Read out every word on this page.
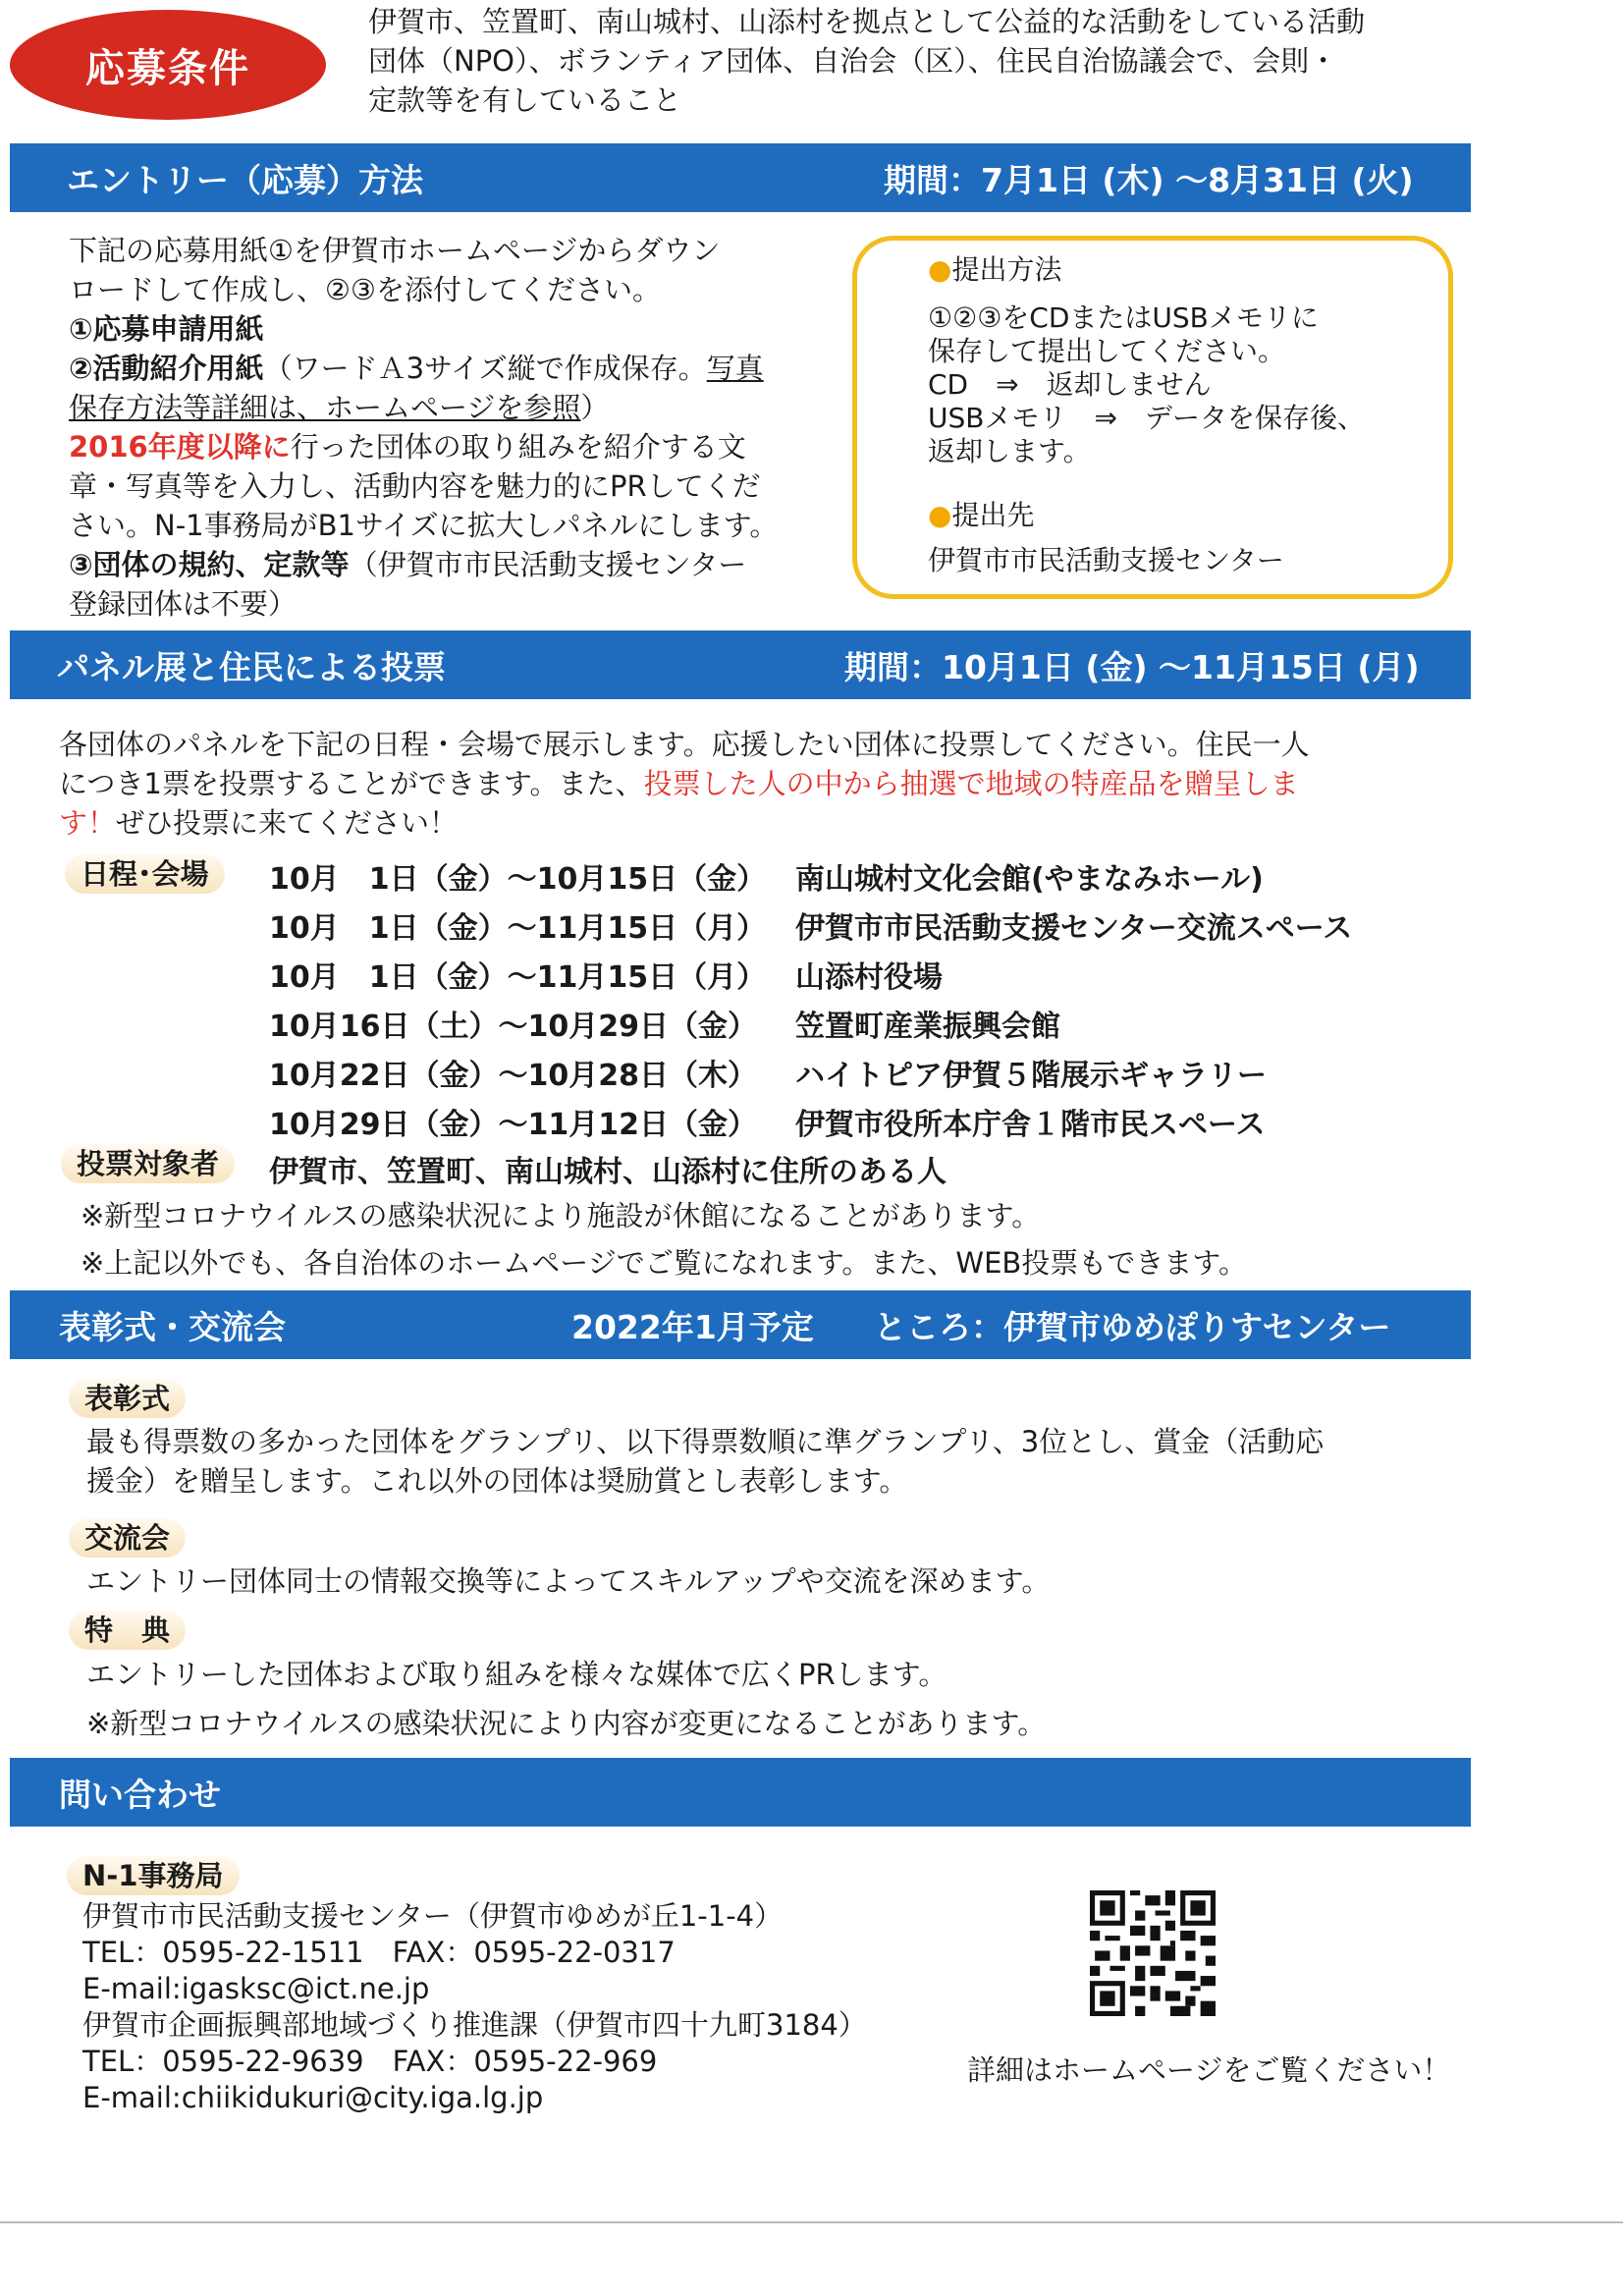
応募条件
伊賀市、笠置町、南山城村、山添村を拠点として公益的な活動をしている活動
団体（NPO）、ボランティア団体、自治会（区）、住民自治協議会で、会則・
定款等を有していること
エントリー（応募）方法	期間：7月1日 (木) ～8月31日 (火)
下記の応募用紙①を伊賀市ホームページからダウン
ロードして作成し、②③を添付してください。
①応募申請用紙
②活動紹介用紙（ワードＡ3サイズ縦で作成保存。写真
保存方法等詳細は、ホームページを参照）
2016年度以降に行った団体の取り組みを紹介する文
章・写真等を入力し、活動内容を魅力的にPRしてくだ
さい。N-1事務局がB1サイズに拡大しパネルにします。
③団体の規約、定款等（伊賀市市民活動支援センター
登録団体は不要）
●提出方法
①②③をCDまたはUSBメモリに
保存して提出してください。
CD　⇒　返却しません
USBメモリ　⇒　データを保存後、
返却します。
●提出先
伊賀市市民活動支援センター
パネル展と住民による投票	期間：10月1日 (金) ～11月15日 (月)
各団体のパネルを下記の日程・会場で展示します。応援したい団体に投票してください。住民一人
につき1票を投票することができます。また、投票した人の中から抽選で地域の特産品を贈呈しま
す！ぜひ投票に来てください！
日程･会場	10月　1日（金）～10月15日（金） 南山城村文化会館(やまなみホール)
10月　1日（金）～11月15日（月） 伊賀市市民活動支援センター交流スペース
10月　1日（金）～11月15日（月） 山添村役場
10月16日（土）～10月29日（金） 笠置町産業振興会館
10月22日（金）～10月28日（木） ハイトピア伊賀５階展示ギャラリー
10月29日（金）～11月12日（金） 伊賀市役所本庁舎１階市民スペース
投票対象者	伊賀市、笠置町、南山城村、山添村に住所のある人
※新型コロナウイルスの感染状況により施設が休館になることがあります。
※上記以外でも、各自治体のホームページでご覧になれます。また、WEB投票もできます。
表彰式・交流会	2022年1月予定 ところ：伊賀市ゆめぽりすセンター
表彰式
最も得票数の多かった団体をグランプリ、以下得票数順に準グランプリ、3位とし、賞金（活動応
援金）を贈呈します。これ以外の団体は奨励賞とし表彰します。
交流会
エントリー団体同士の情報交換等によってスキルアップや交流を深めます。
特　典
エントリーした団体および取り組みを様々な媒体で広くPRします。
※新型コロナウイルスの感染状況により内容が変更になることがあります。
問い合わせ
N-1事務局
伊賀市市民活動支援センター（伊賀市ゆめが丘1-1-4）
TEL：0595-22-1511　FAX：0595-22-0317
E-mail:igasksc@ict.ne.jp
伊賀市企画振興部地域づくり推進課（伊賀市四十九町3184）
TEL：0595-22-9639　FAX：0595-22-969
E-mail:chiikidukuri@city.iga.lg.jp
詳細はホームページをご覧ください！
